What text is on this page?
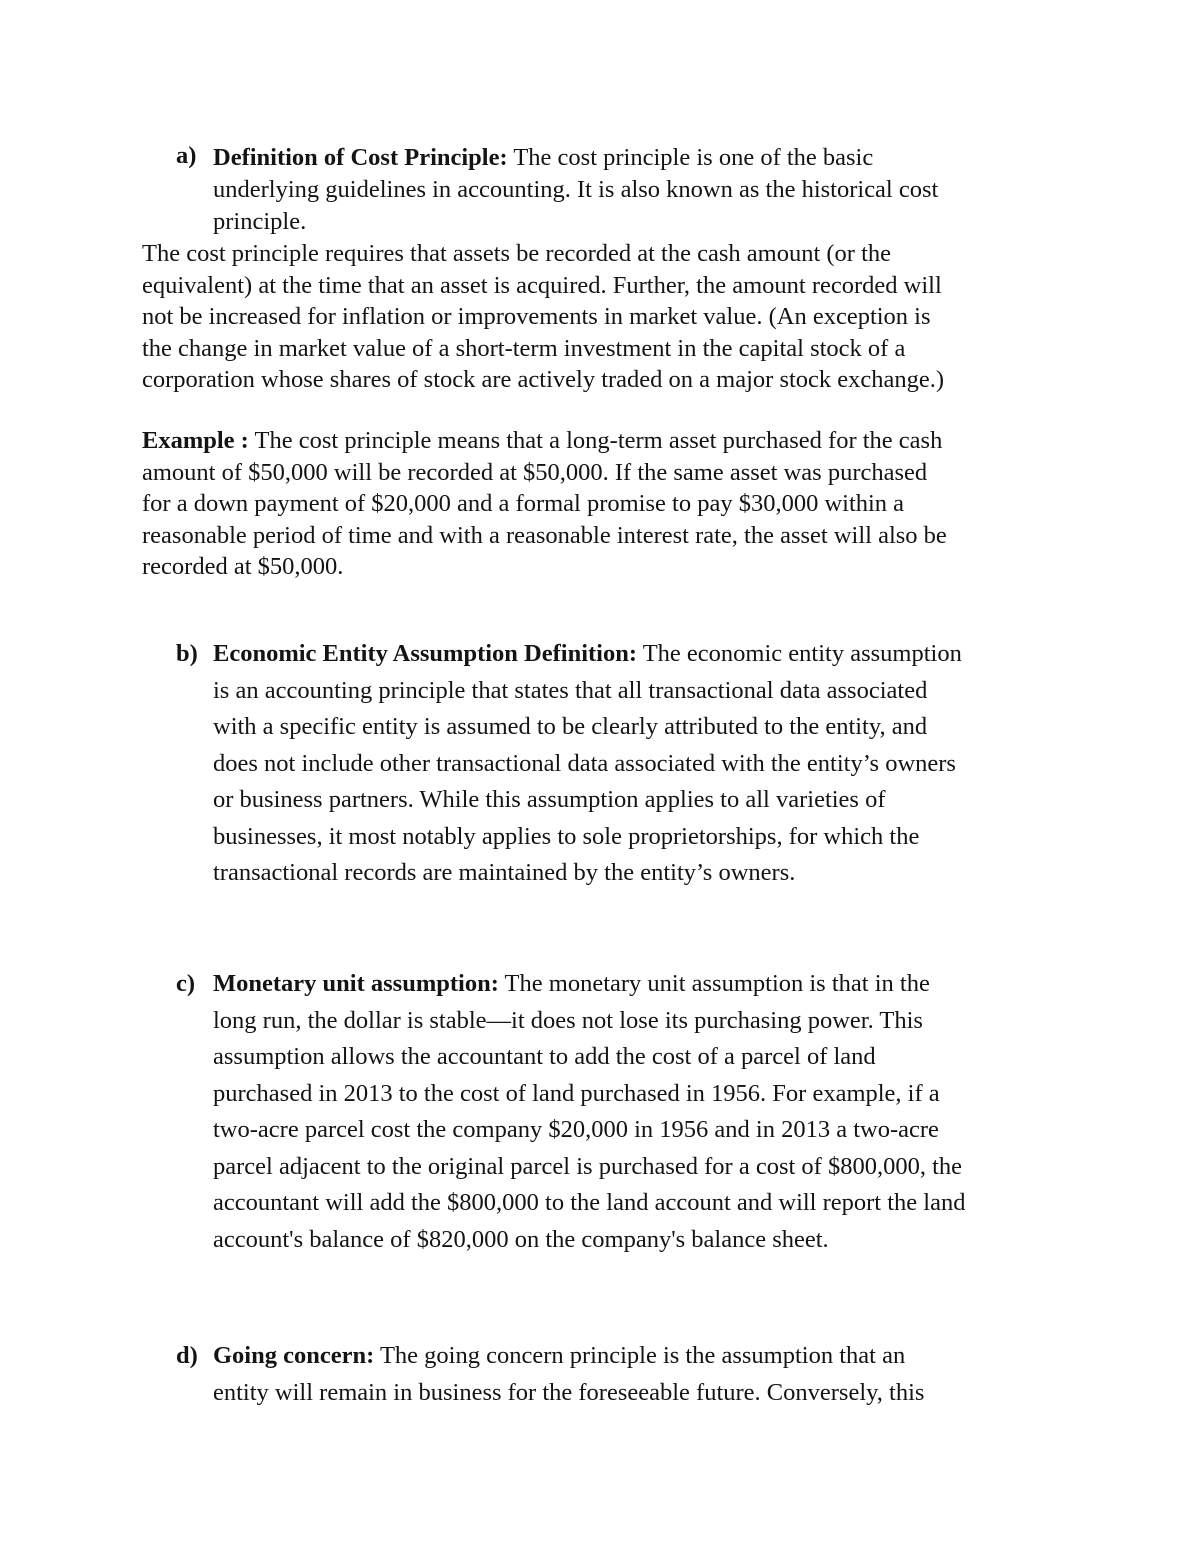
a) Definition of Cost Principle: The cost principle is one of the basic
underlying guidelines in accounting. It is also known as the historical cost
principle.
The cost principle requires that assets be recorded at the cash amount (or the
equivalent) at the time that an asset is acquired. Further, the amount recorded will
not be increased for inflation or improvements in market value. (An exception is
the change in market value of a short-term investment in the capital stock of a
corporation whose shares of stock are actively traded on a major stock exchange.)
Example : The cost principle means that a long-term asset purchased for the cash
amount of $50,000 will be recorded at $50,000. If the same asset was purchased
for a down payment of $20,000 and a formal promise to pay $30,000 within a
reasonable period of time and with a reasonable interest rate, the asset will also be
recorded at $50,000.
b) Economic Entity Assumption Definition: The economic entity assumption
is an accounting principle that states that all transactional data associated
with a specific entity is assumed to be clearly attributed to the entity, and
does not include other transactional data associated with the entity’s owners
or business partners. While this assumption applies to all varieties of
businesses, it most notably applies to sole proprietorships, for which the
transactional records are maintained by the entity’s owners.
c) Monetary unit assumption: The monetary unit assumption is that in the
long run, the dollar is stable—it does not lose its purchasing power. This
assumption allows the accountant to add the cost of a parcel of land
purchased in 2013 to the cost of land purchased in 1956. For example, if a
two-acre parcel cost the company $20,000 in 1956 and in 2013 a two-acre
parcel adjacent to the original parcel is purchased for a cost of $800,000, the
accountant will add the $800,000 to the land account and will report the land
account's balance of $820,000 on the company's balance sheet.
d) Going concern: The going concern principle is the assumption that an
entity will remain in business for the foreseeable future. Conversely, this
